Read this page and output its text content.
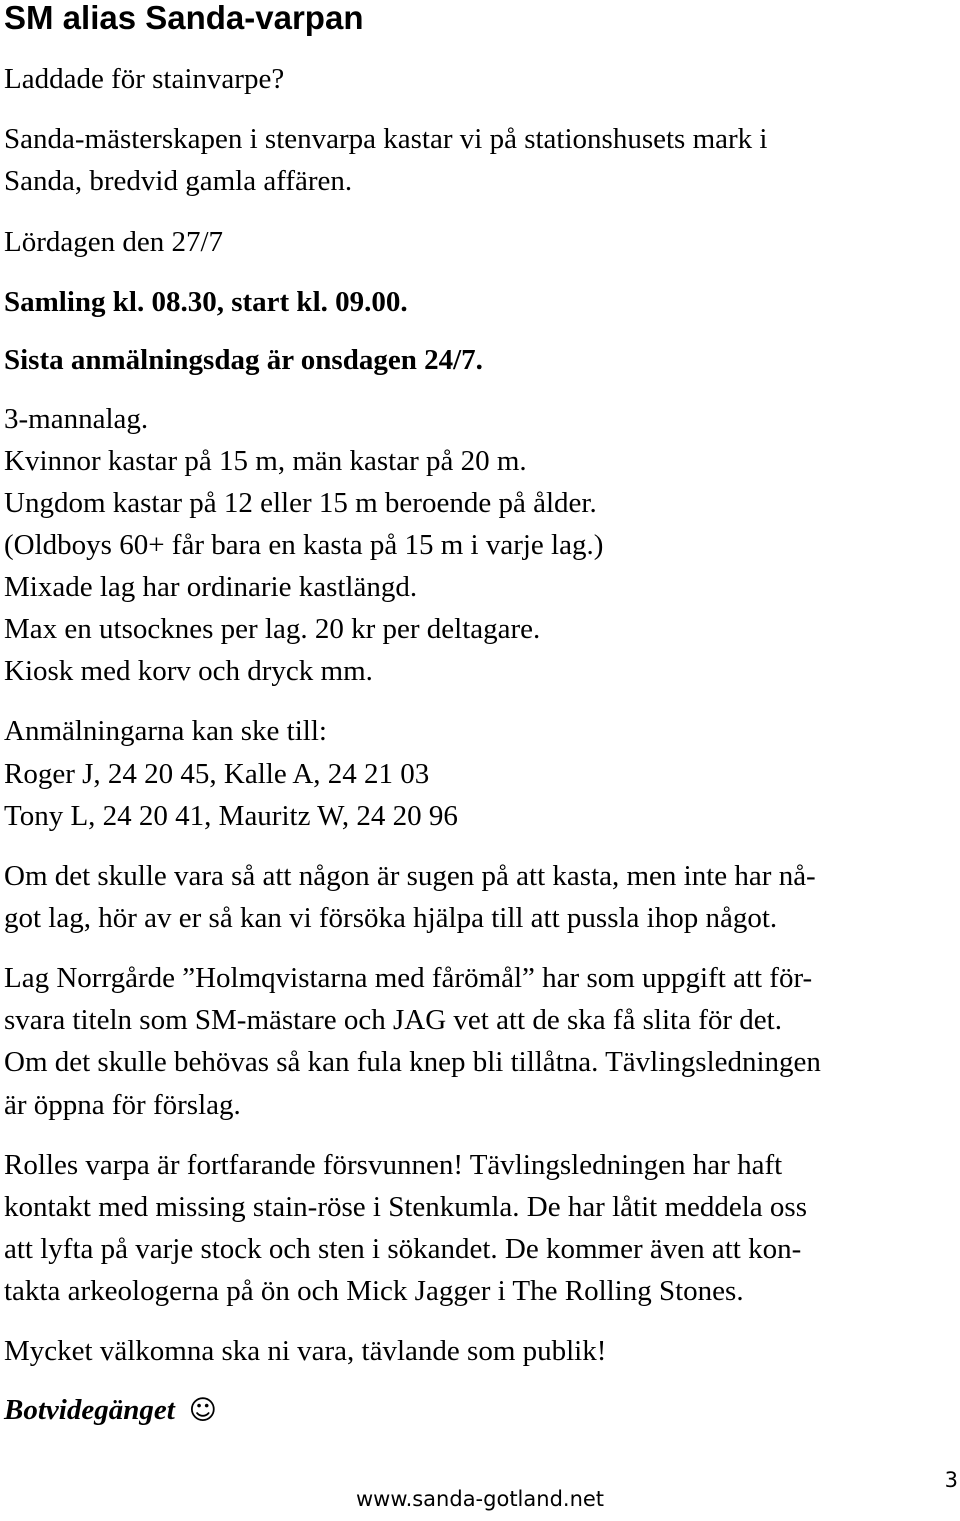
SM alias Sanda-varpan

Laddade för stainvarpe?

Sanda-mästerskapen i stenvarpa kastar vi på stationshusets mark i

Sanda, bredvid gamla affären.

Lördagen den 27/7

Samling kl. 08.30, start kl. 09.00.

Sista anmälningsdag är onsdagen 24/7.

3-mannalag.

Kvinnor kastar på 15 m, män kastar på 20 m.

Ungdom kastar på 12 eller 15 m beroende på ålder.

(Oldboys 60+ får bara en kasta på 15 m i varje lag.)

Mixade lag har ordinarie kastlängd.

Max en utsocknes per lag. 20 kr per deltagare.

Kiosk med korv och dryck mm.

Anmälningarna kan ske till:

Roger J, 24 20 45, Kalle A, 24 21 03

Tony L, 24 20 41, Mauritz W, 24 20 96

Om det skulle vara så att någon är sugen på att kasta, men inte har nå-

got lag, hör av er så kan vi försöka hjälpa till att pussla ihop något.

Lag Norrgårde ”Holmqvistarna med fårömål” har som uppgift att för-

svara titeln som SM-mästare och JAG vet att de ska få slita för det.

Om det skulle behövas så kan fula knep bli tillåtna. Tävlingsledningen

är öppna för förslag.

Rolles varpa är fortfarande försvunnen! Tävlingsledningen har haft

kontakt med missing stain-röse i Stenkumla. De har låtit meddela oss

att lyfta på varje stock och sten i sökandet. De kommer även att kon-

takta arkeologerna på ön och Mick Jagger i The Rolling Stones.

Mycket välkomna ska ni vara, tävlande som publik!

Botvidegänget ☺

www.sanda-gotland.net
3
